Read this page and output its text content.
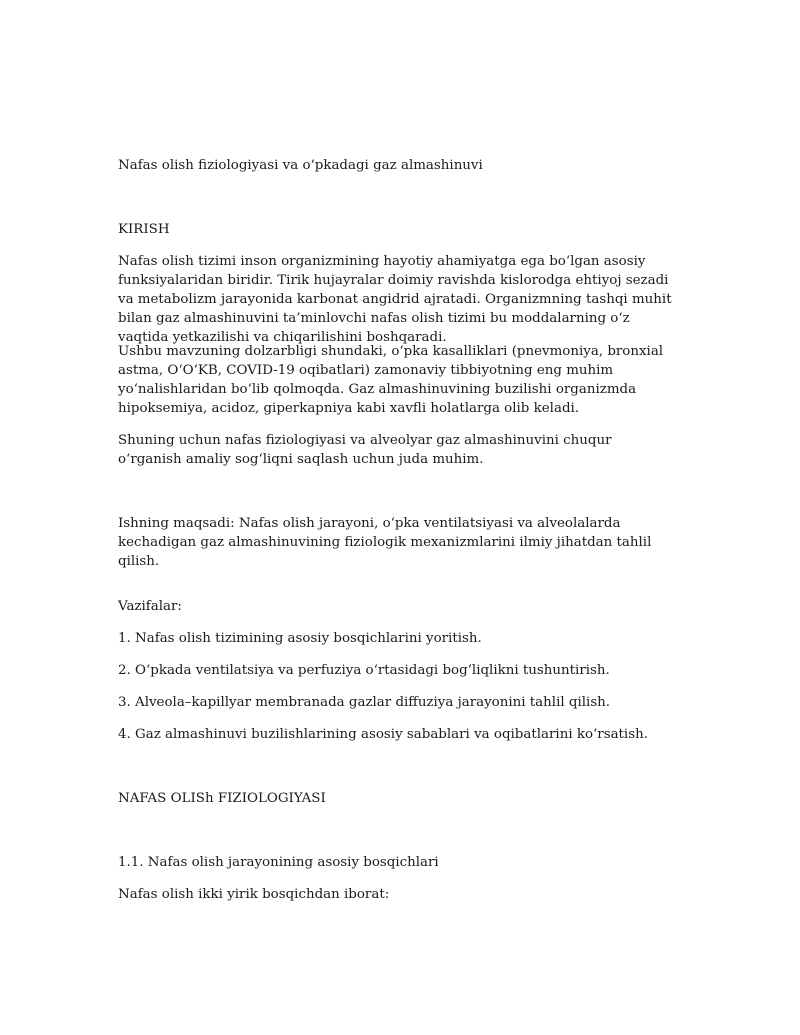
Nafas olish fiziologiyasi va o‘pkadagi gaz almashinuvi

KIRISH

Nafas olish tizimi inson organizmining hayotiy ahamiyatga ega bo‘lgan asosiy funksiyalaridan biridir. Tirik hujayralar doimiy ravishda kislorodga ehtiyoj sezadi va metabolizm jarayonida karbonat angidrid ajratadi. Organizmning tashqi muhit bilan gaz almashinuvini ta’minlovchi nafas olish tizimi bu moddalarning o‘z vaqtida yetkazilishi va chiqarilishini boshqaradi.

Ushbu mavzuning dolzarbligi shundaki, o‘pka kasalliklari (pnevmoniya, bronxial astma, O‘O‘KB, COVID-19 oqibatlari) zamonaviy tibbiyotning eng muhim yo‘nalishlaridan bo‘lib qolmoqda. Gaz almashinuvining buzilishi organizmda hipoksemiya, acidoz, giperkapniya kabi xavfli holatlarga olib keladi.

Shuning uchun nafas fiziologiyasi va alveolyar gaz almashinuvini chuqur o‘rganish amaliy sog‘liqni saqlash uchun juda muhim.

Ishning maqsadi: Nafas olish jarayoni, o‘pka ventilatsiyasi va alveolalarda kechadigan gaz almashinuvining fiziologik mexanizmlarini ilmiy jihatdan tahlil qilish.

Vazifalar:

1. Nafas olish tizimining asosiy bosqichlarini yoritish.

2. O‘pkada ventilatsiya va perfuziya o‘rtasidagi bog‘liqlikni tushuntirish.

3. Alveola–kapillyar membranada gazlar diffuziya jarayonini tahlil qilish.

4. Gaz almashinuvi buzilishlarining asosiy sabablari va oqibatlarini ko‘rsatish.

NAFAS OLISh FIZIOLOGIYASI

1.1. Nafas olish jarayonining asosiy bosqichlari

Nafas olish ikki yirik bosqichdan iborat:
